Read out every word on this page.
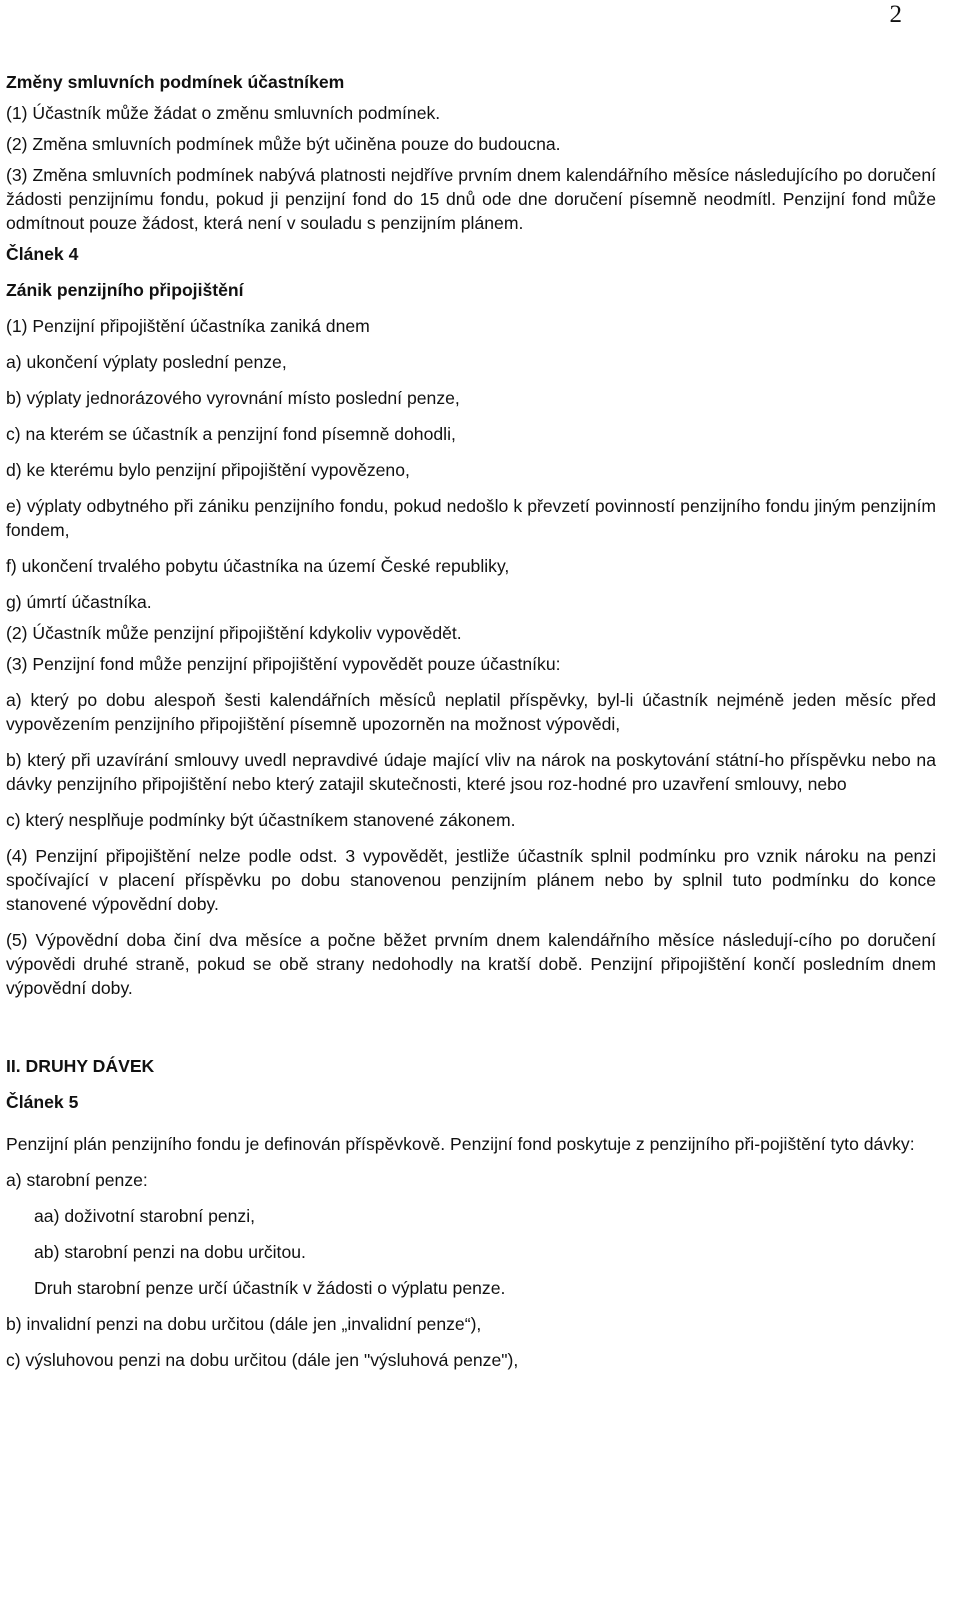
2

Změny smluvních podmínek účastníkem

(1) Účastník může žádat o změnu smluvních podmínek.

(2) Změna smluvních podmínek může být učiněna pouze do budoucna.

(3) Změna smluvních podmínek nabývá platnosti nejdříve prvním dnem kalendářního měsíce následujícího po doručení žádosti penzijnímu fondu, pokud ji penzijní fond do 15 dnů ode dne doručení písemně neodmítl. Penzijní fond může odmítnout pouze žádost, která není v souladu s penzijním plánem.

Článek 4

Zánik penzijního připojištění

(1) Penzijní připojištění účastníka zaniká dnem

a) ukončení výplaty poslední penze,

b) výplaty jednorázového vyrovnání místo poslední penze,

c) na kterém se účastník a penzijní fond písemně dohodli,

d) ke kterému bylo penzijní připojištění vypovězeno,

e) výplaty odbytného při zániku penzijního fondu, pokud nedošlo k převzetí povinností penzijního fondu jiným penzijním fondem,

f) ukončení trvalého pobytu účastníka na území České republiky,

g) úmrtí účastníka.

(2) Účastník může penzijní připojištění kdykoliv vypovědět.

(3) Penzijní fond může penzijní připojištění vypovědět pouze účastníku:

a) který po dobu alespoň šesti kalendářních měsíců neplatil příspěvky, byl-li účastník nejméně jeden měsíc před vypovězením penzijního připojištění písemně upozorněn na možnost výpovědi,

b) který při uzavírání smlouvy uvedl nepravdivé údaje mající vliv na nárok na poskytování státní-ho příspěvku nebo na dávky penzijního připojištění nebo který zatajil skutečnosti, které jsou roz-hodné pro uzavření smlouvy, nebo

c) který nesplňuje podmínky být účastníkem stanovené zákonem.

(4) Penzijní připojištění nelze podle odst. 3 vypovědět, jestliže účastník splnil podmínku pro vznik nároku na penzi spočívající v placení příspěvku po dobu stanovenou penzijním plánem nebo by splnil tuto podmínku do konce stanovené výpovědní doby.

(5) Výpovědní doba činí dva měsíce a počne běžet prvním dnem kalendářního měsíce následují-cího po doručení výpovědi druhé straně, pokud se obě strany nedohodly na kratší době. Penzijní připojištění končí posledním dnem výpovědní doby.

II. DRUHY DÁVEK

Článek 5

Penzijní plán penzijního fondu je definován příspěvkově. Penzijní fond poskytuje z penzijního při-pojištění tyto dávky:

a) starobní penze:

aa) doživotní starobní penzi,

ab) starobní penzi na dobu určitou.

Druh starobní penze určí účastník v žádosti o výplatu penze.

b) invalidní penzi na dobu určitou (dále jen „invalidní penze“),

c) výsluhovou penzi na dobu určitou (dále jen "výsluhová penze"),
